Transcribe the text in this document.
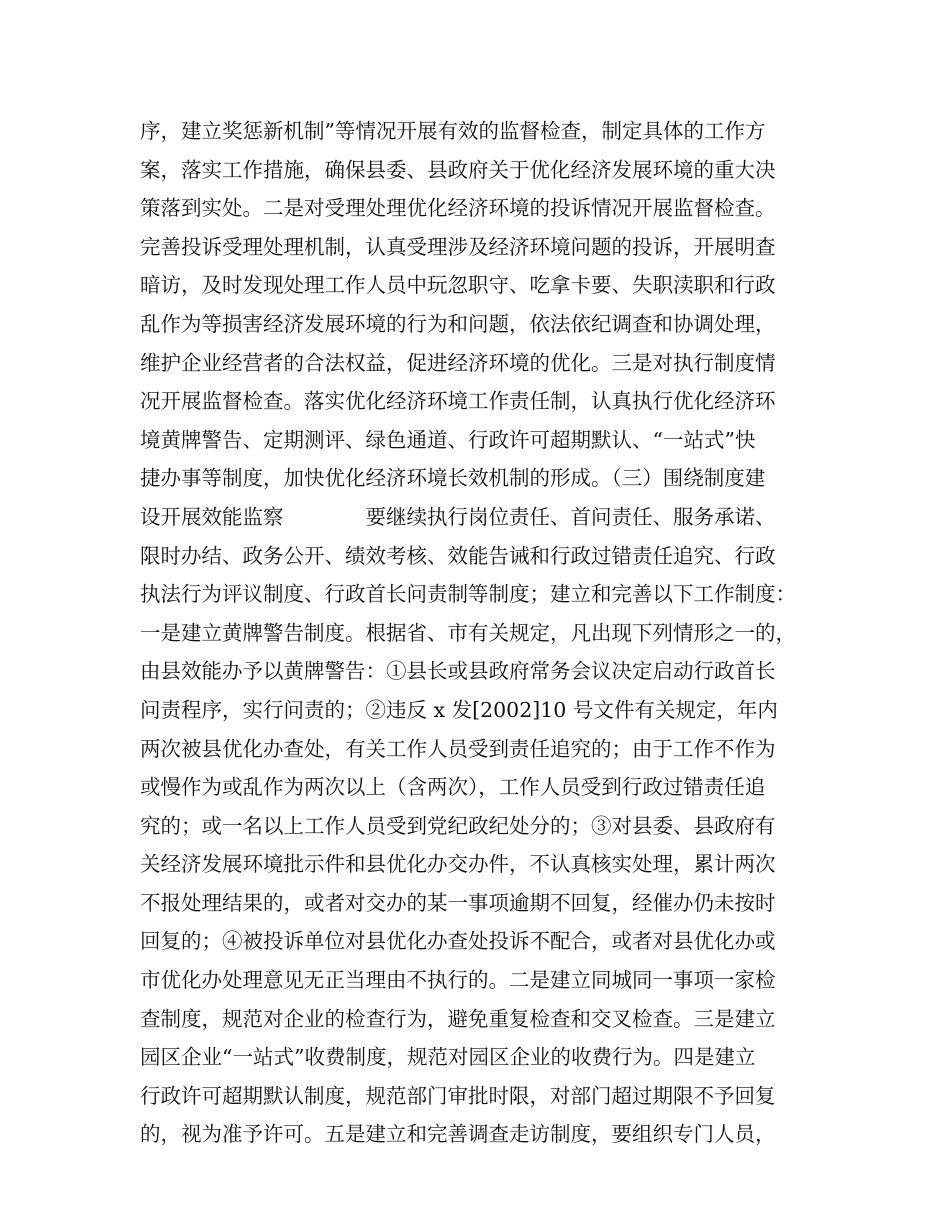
序，建立奖惩新机制”等情况开展有效的监督检查，制定具体的工作方
案，落实工作措施，确保县委、县政府关于优化经济发展环境的重大决
策落到实处。二是对受理处理优化经济环境的投诉情况开展监督检查。
完善投诉受理处理机制，认真受理涉及经济环境问题的投诉，开展明查
暗访，及时发现处理工作人员中玩忽职守、吃拿卡要、失职渎职和行政
乱作为等损害经济发展环境的行为和问题，依法依纪调查和协调处理，
维护企业经营者的合法权益，促进经济环境的优化。三是对执行制度情
况开展监督检查。落实优化经济环境工作责任制，认真执行优化经济环
境黄牌警告、定期测评、绿色通道、行政许可超期默认、“一站式”快
捷办事等制度，加快优化经济环境长效机制的形成。（三）围绕制度建
设开展效能监察　　　　要继续执行岗位责任、首问责任、服务承诺、
限时办结、政务公开、绩效考核、效能告诫和行政过错责任追究、行政
执法行为评议制度、行政首长问责制等制度；建立和完善以下工作制度：
一是建立黄牌警告制度。根据省、市有关规定，凡出现下列情形之一的，
由县效能办予以黄牌警告：①县长或县政府常务会议决定启动行政首长
问责程序，实行问责的；②违反 x 发[2002]10 号文件有关规定，年内
两次被县优化办查处，有关工作人员受到责任追究的；由于工作不作为
或慢作为或乱作为两次以上（含两次），工作人员受到行政过错责任追
究的；或一名以上工作人员受到党纪政纪处分的；③对县委、县政府有
关经济发展环境批示件和县优化办交办件，不认真核实处理，累计两次
不报处理结果的，或者对交办的某一事项逾期不回复，经催办仍未按时
回复的；④被投诉单位对县优化办查处投诉不配合，或者对县优化办或
市优化办处理意见无正当理由不执行的。二是建立同城同一事项一家检
查制度，规范对企业的检查行为，避免重复检查和交叉检查。三是建立
园区企业“一站式”收费制度，规范对园区企业的收费行为。四是建立
行政许可超期默认制度，规范部门审批时限，对部门超过期限不予回复
的，视为准予许可。五是建立和完善调查走访制度，要组织专门人员，
